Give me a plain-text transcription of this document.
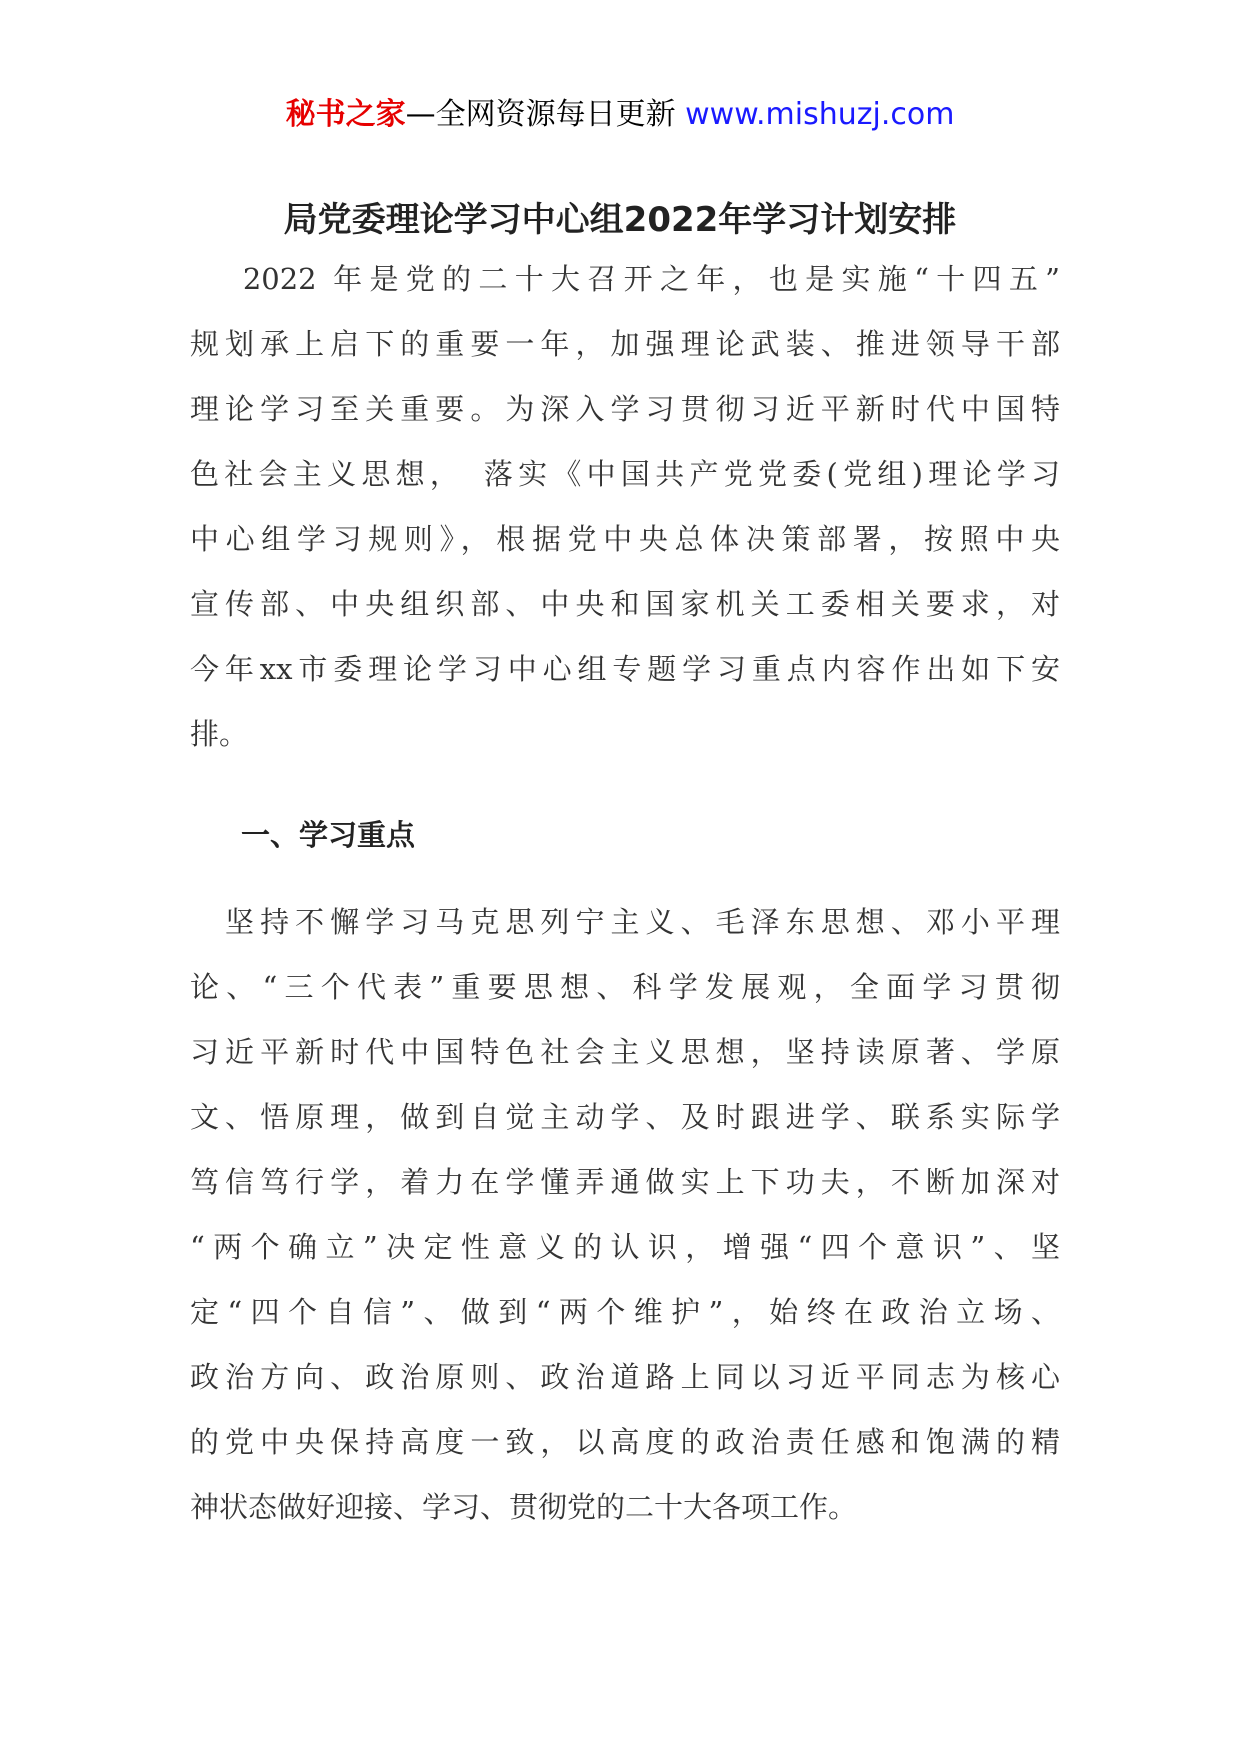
秘书之家—全网资源每日更新 www.mishuzj.com
局党委理论学习中心组2022年学习计划安排
　 2022 年是党的二十大召开之年，也是实施“十四五”
规划承上启下的重要一年，加强理论武装、推进领导干部
理论学习至关重要。为深入学习贯彻习近平新时代中国特
色社会主义思想，　落实《中国共产党党委(党组)理论学习
中心组学习规则》，根据党中央总体决策部署，按照中央
宣传部、中央组织部、中央和国家机关工委相关要求，对
今年xx市委理论学习中心组专题学习重点内容作出如下安
排。
一、学习重点
　坚持不懈学习马克思列宁主义、毛泽东思想、邓小平理
论、“三个代表”重要思想、科学发展观，全面学习贯彻
习近平新时代中国特色社会主义思想，坚持读原著、学原
文、悟原理，做到自觉主动学、及时跟进学、联系实际学
笃信笃行学，着力在学懂弄通做实上下功夫，不断加深对
“两个确立”决定性意义的认识，增强“四个意识”、坚
定“四个自信”、做到“两个维护”，始终在政治立场、
政治方向、政治原则、政治道路上同以习近平同志为核心
的党中央保持高度一致，以高度的政治责任感和饱满的精
神状态做好迎接、学习、贯彻党的二十大各项工作。
